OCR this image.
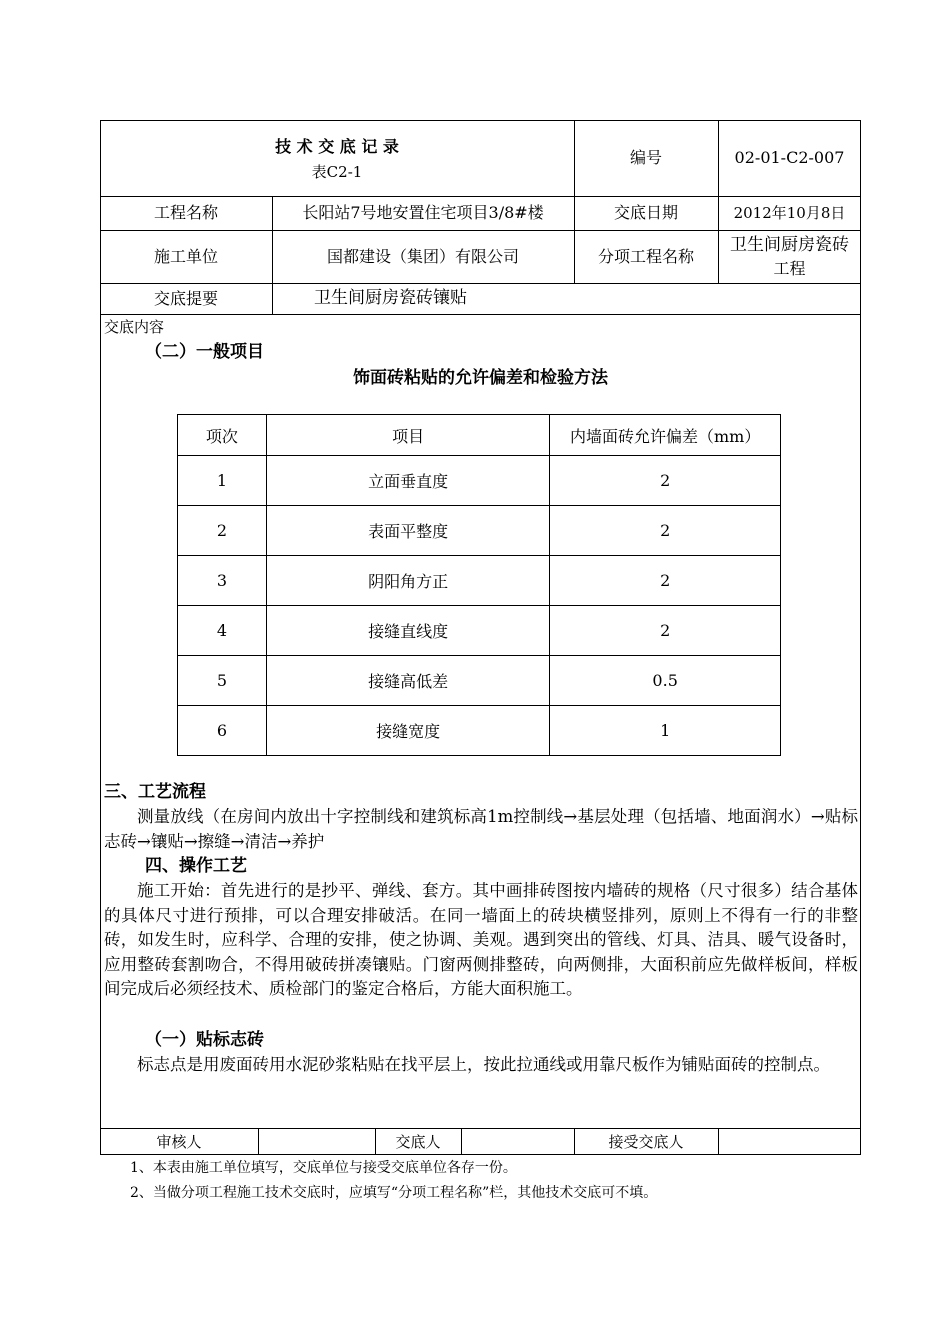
技 术 交 底 记 录
表C2-1
编号	02-01-C2-007
工程名称	长阳站7号地安置住宅项目3/8#楼	交底日期	2012年10月8日
施工单位	国都建设（集团）有限公司	分项工程名称
卫生间厨房瓷砖
工程
交底提要	卫生间厨房瓷砖镶贴
交底内容
（二）一般项目
饰面砖粘贴的允许偏差和检验方法
项次	项目	内墙面砖允许偏差（mm）
1	立面垂直度	2
2	表面平整度	2
3	阴阳角方正	2
4	接缝直线度	2
5	接缝高低差	0.5
6	接缝宽度	1
三、工艺流程
测量放线（在房间内放出十字控制线和建筑标高1m控制线→基层处理（包括墙、地面润水）→贴标志砖→镶贴→擦缝→清洁→养护
四、操作工艺
施工开始：首先进行的是抄平、弹线、套方。其中画排砖图按内墙砖的规格（尺寸很多）结合基体的具体尺寸进行预排，可以合理安排破活。在同一墙面上的砖块横竖排列，原则上不得有一行的非整砖，如发生时，应科学、合理的安排，使之协调、美观。遇到突出的管线、灯具、洁具、暖气设备时，应用整砖套割吻合，不得用破砖拼凑镶贴。门窗两侧排整砖，向两侧排，大面积前应先做样板间，样板间完成后必须经技术、质检部门的鉴定合格后，方能大面积施工。
（一）贴标志砖
标志点是用废面砖用水泥砂浆粘贴在找平层上，按此拉通线或用靠尺板作为铺贴面砖的控制点。
审核人	交底人	接受交底人
1、本表由施工单位填写，交底单位与接受交底单位各存一份。
2、当做分项工程施工技术交底时，应填写“分项工程名称”栏，其他技术交底可不填。
